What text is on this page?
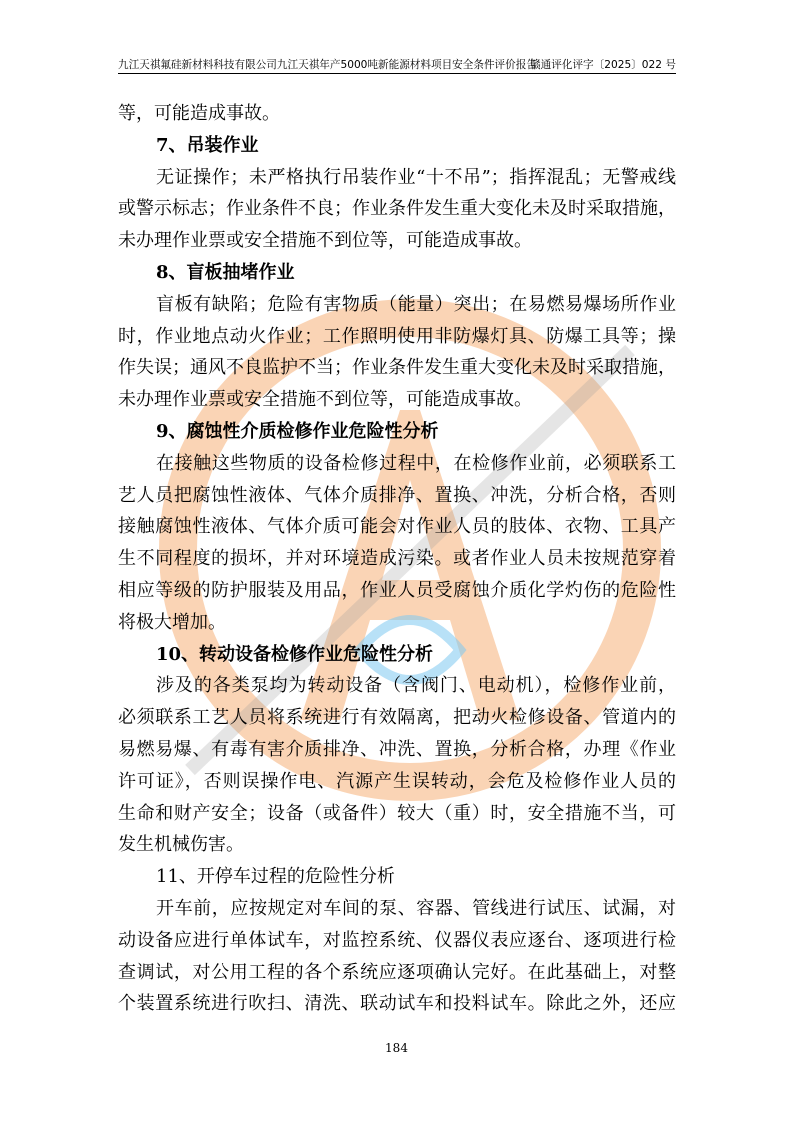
九江天祺氟硅新材料科技有限公司九江天祺年产5000吨新能源材料项目安全条件评价报告
赣通评化评字〔2025〕022 号

等，可能造成事故。

7、吊装作业

无证操作；未严格执行吊装作业“十不吊”；指挥混乱；无警戒线

或警示标志；作业条件不良；作业条件发生重大变化未及时采取措施，

未办理作业票或安全措施不到位等，可能造成事故。

8、盲板抽堵作业

盲板有缺陷；危险有害物质（能量）突出；在易燃易爆场所作业

时，作业地点动火作业；工作照明使用非防爆灯具、防爆工具等；操

作失误；通风不良监护不当；作业条件发生重大变化未及时采取措施，

未办理作业票或安全措施不到位等，可能造成事故。

9、腐蚀性介质检修作业危险性分析

在接触这些物质的设备检修过程中，在检修作业前，必须联系工

艺人员把腐蚀性液体、气体介质排净、置换、冲洗，分析合格，否则

接触腐蚀性液体、气体介质可能会对作业人员的肢体、衣物、工具产

生不同程度的损坏，并对环境造成污染。或者作业人员未按规范穿着

相应等级的防护服装及用品，作业人员受腐蚀介质化学灼伤的危险性

将极大增加。

10、转动设备检修作业危险性分析

涉及的各类泵均为转动设备（含阀门、电动机），检修作业前，

必须联系工艺人员将系统进行有效隔离，把动火检修设备、管道内的

易燃易爆、有毒有害介质排净、冲洗、置换，分析合格，办理《作业

许可证》，否则误操作电、汽源产生误转动，会危及检修作业人员的

生命和财产安全；设备（或备件）较大（重）时，安全措施不当，可

发生机械伤害。

11、开停车过程的危险性分析

开车前，应按规定对车间的泵、容器、管线进行试压、试漏，对

动设备应进行单体试车，对监控系统、仪器仪表应逐台、逐项进行检

查调试，对公用工程的各个系统应逐项确认完好。在此基础上，对整

个装置系统进行吹扫、清洗、联动试车和投料试车。除此之外，还应

184
